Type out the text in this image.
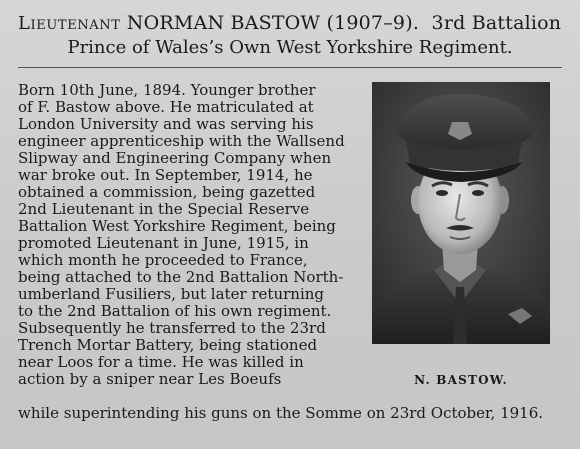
Lieutenant NORMAN BASTOW (1907–9). 3rd Battalion
Prince of Wales’s Own West Yorkshire Regiment.
Born 10th June, 1894. Younger brother
of F. Bastow above. He matriculated at
London University and was serving his
engineer apprenticeship with the Wallsend
Slipway and Engineering Company when
war broke out. In September, 1914, he
obtained a commission, being gazetted
2nd Lieutenant in the Special Reserve
Battalion West Yorkshire Regiment, being
promoted Lieutenant in June, 1915, in
which month he proceeded to France,
being attached to the 2nd Battalion North-
umberland Fusiliers, but later returning
to the 2nd Battalion of his own regiment.
Subsequently he transferred to the 23rd
Trench Mortar Battery, being stationed
near Loos for a time. He was killed in
action by a sniper near Les Boeufs
while superintending his guns on the Somme on 23rd October, 1916.
N. BASTOW.
